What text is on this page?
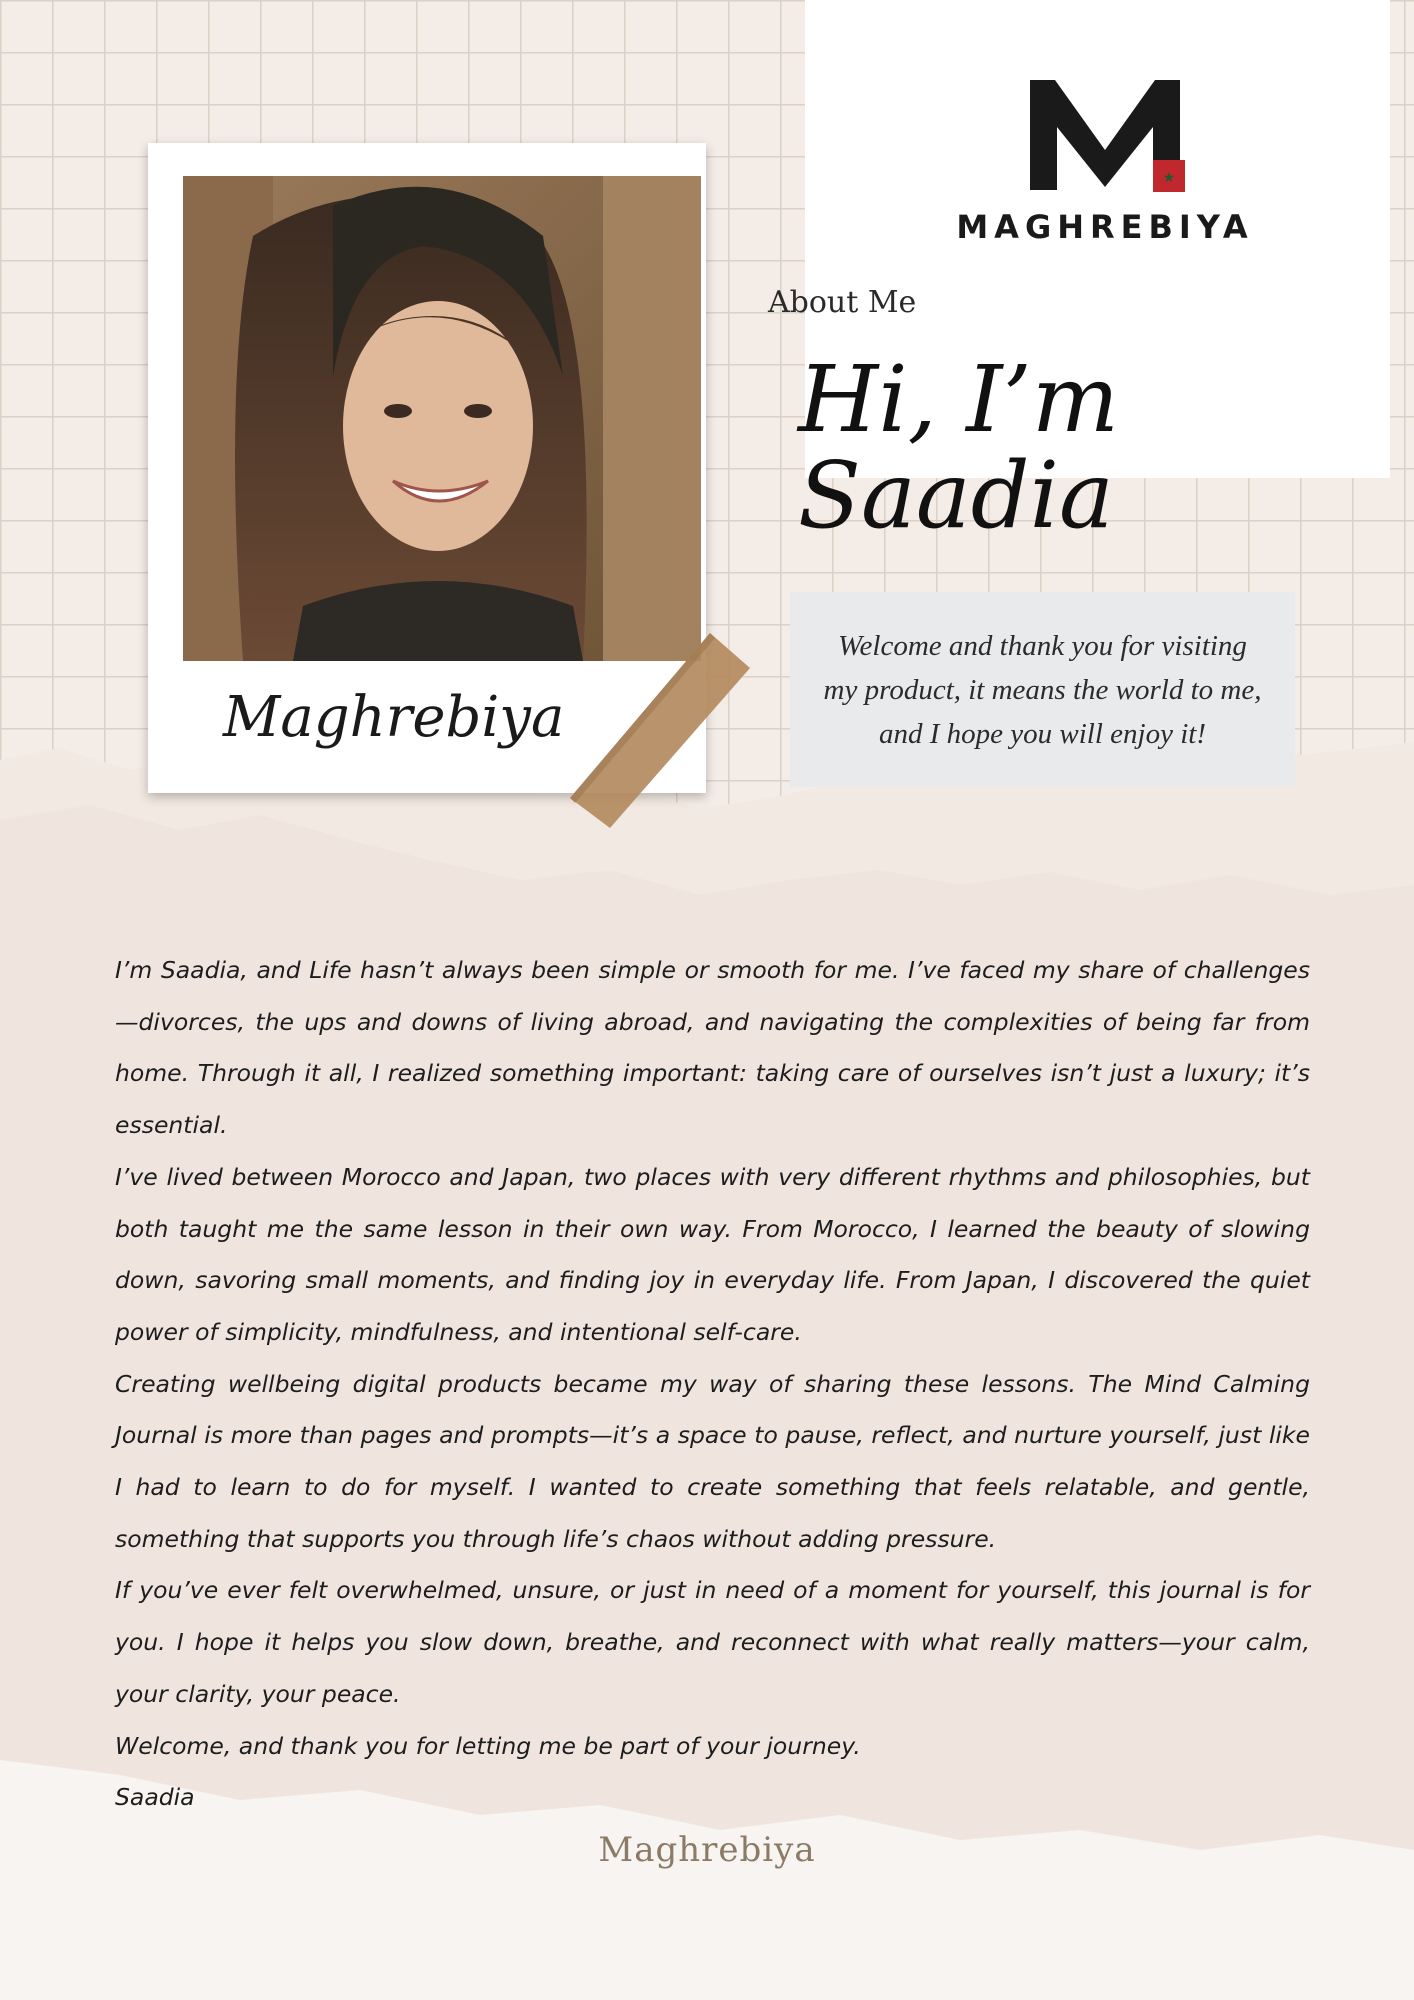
★
MAGHREBIYA
About Me
Hi, I’m
Saadia
Maghrebiya
Welcome and thank you for visiting my product, it means the world to me, and I hope you will enjoy it!

I’m Saadia, and Life hasn’t always been simple or smooth for me. I’ve faced my share of challenges—divorces, the ups and downs of living abroad, and navigating the complexities of being far from home. Through it all, I realized something important: taking care of ourselves isn’t just a luxury; it’s essential.

I’ve lived between Morocco and Japan, two places with very different rhythms and philosophies, but both taught me the same lesson in their own way. From Morocco, I learned the beauty of slowing down, savoring small moments, and finding joy in everyday life. From Japan, I discovered the quiet power of simplicity, mindfulness, and intentional self-care.

Creating wellbeing digital products became my way of sharing these lessons. The Mind Calming Journal is more than pages and prompts—it’s a space to pause, reflect, and nurture yourself, just like I had to learn to do for myself. I wanted to create something that feels relatable, and gentle, something that supports you through life’s chaos without adding pressure.

If you’ve ever felt overwhelmed, unsure, or just in need of a moment for yourself, this journal is for you. I hope it helps you slow down, breathe, and reconnect with what really matters—your calm, your clarity, your peace.

Welcome, and thank you for letting me be part of your journey.

Saadia

Maghrebiya
